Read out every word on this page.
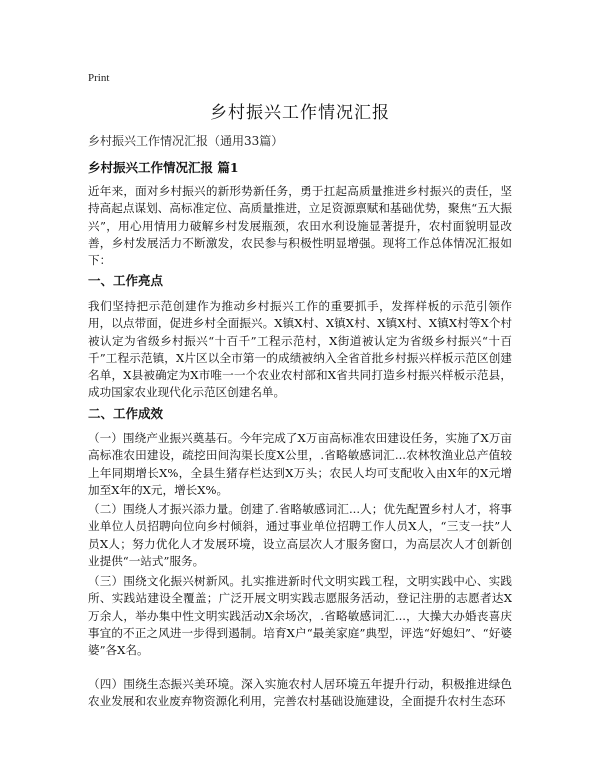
Print
乡村振兴工作情况汇报
乡村振兴工作情况汇报（通用33篇）
乡村振兴工作情况汇报 篇1

近年来，面对乡村振兴的新形势新任务，勇于扛起高质量推进乡村振兴的责任，坚持高起点谋划、高标准定位、高质量推进，立足资源禀赋和基础优势，聚焦“五大振兴”，用心用情用力破解乡村发展瓶颈，农田水利设施显著提升，农村面貌明显改善，乡村发展活力不断激发，农民参与积极性明显增强。现将工作总体情况汇报如下：

一、工作亮点

我们坚持把示范创建作为推动乡村振兴工作的重要抓手，发挥样板的示范引领作用，以点带面，促进乡村全面振兴。X镇X村、X镇X村、X镇X村、X镇X村等X个村被认定为省级乡村振兴“十百千”工程示范村，X街道被认定为省级乡村振兴“十百千”工程示范镇，X片区以全市第一的成绩被纳入全省首批乡村振兴样板示范区创建名单，X县被确定为X市唯一一个农业农村部和X省共同打造乡村振兴样板示范县，成功国家农业现代化示范区创建名单。

二、工作成效

（一）围绕产业振兴奠基石。今年完成了X万亩高标准农田建设任务，实施了X万亩高标准农田建设，疏挖田间沟渠长度X公里，.省略敏感词汇...农林牧渔业总产值较上年同期增长X%，全县生猪存栏达到X万头；农民人均可支配收入由X年的X元增加至X年的X元，增长X%。

（二）围绕人才振兴添力量。创建了.省略敏感词汇...人；优先配置乡村人才，将事业单位人员招聘向位向乡村倾斜，通过事业单位招聘工作人员X人，“三支一扶”人员X人；努力优化人才发展环境，设立高层次人才服务窗口，为高层次人才创新创业提供“一站式”服务。

（三）围绕文化振兴树新风。扎实推进新时代文明实践工程，文明实践中心、实践所、实践站建设全覆盖；广泛开展文明实践志愿服务活动，登记注册的志愿者达X万余人，举办集中性文明实践活动X余场次，.省略敏感词汇...，大操大办婚丧喜庆事宜的不正之风进一步得到遏制。培育X户“最美家庭”典型，评选“好媳妇”、“好婆婆”各X名。

（四）围绕生态振兴美环境。深入实施农村人居环境五年提升行动，积极推进绿色农业发展和农业废弃物资源化利用，完善农村基础设施建设，全面提升农村生态环
